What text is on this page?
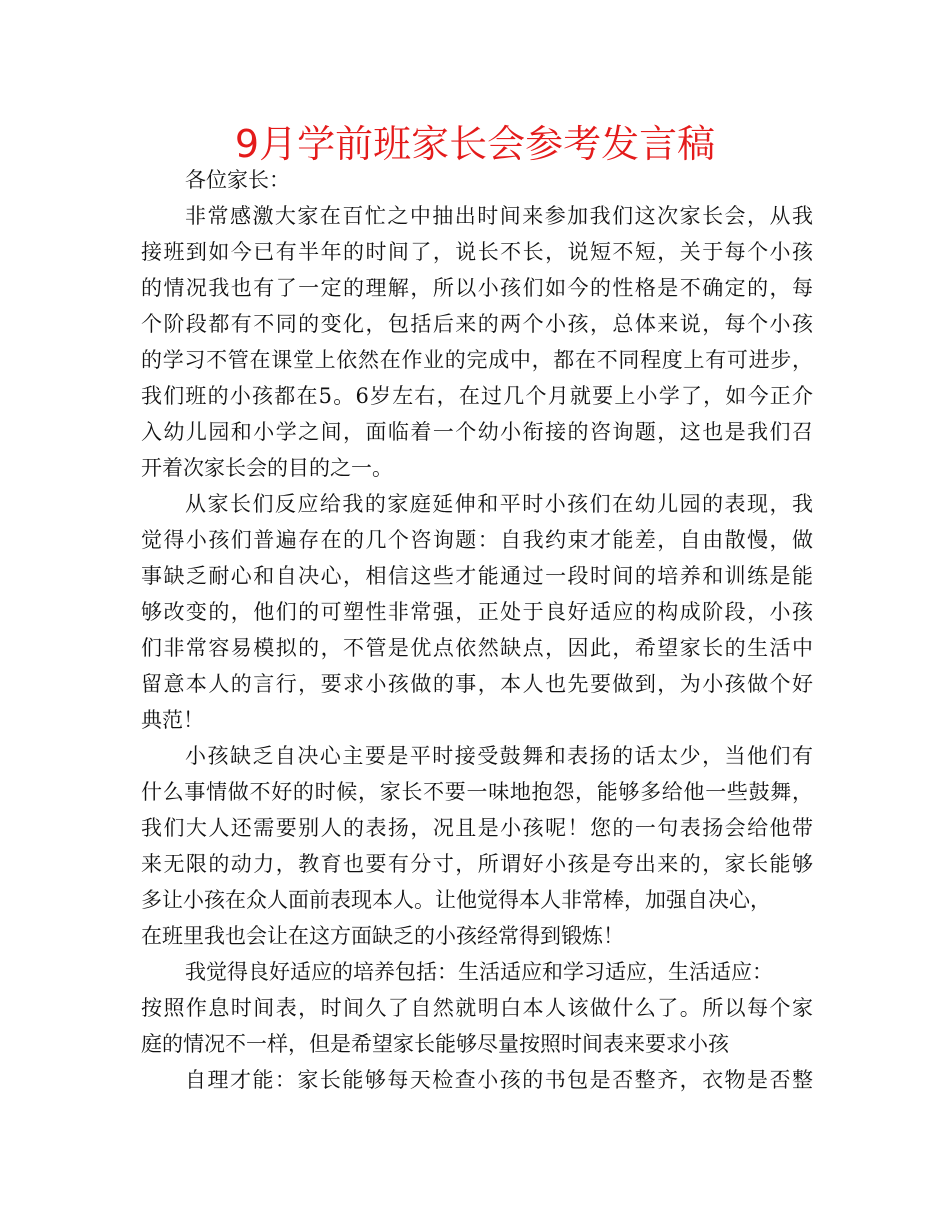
9月学前班家长会参考发言稿
各位家长：
非常感激大家在百忙之中抽出时间来参加我们这次家长会，从我
接班到如今已有半年的时间了，说长不长，说短不短，关于每个小孩
的情况我也有了一定的理解，所以小孩们如今的性格是不确定的，每
个阶段都有不同的变化，包括后来的两个小孩，总体来说，每个小孩
的学习不管在课堂上依然在作业的完成中，都在不同程度上有可进步，
我们班的小孩都在5。6岁左右，在过几个月就要上小学了，如今正介
入幼儿园和小学之间，面临着一个幼小衔接的咨询题，这也是我们召
开着次家长会的目的之一。
从家长们反应给我的家庭延伸和平时小孩们在幼儿园的表现，我
觉得小孩们普遍存在的几个咨询题：自我约束才能差，自由散慢，做
事缺乏耐心和自决心，相信这些才能通过一段时间的培养和训练是能
够改变的，他们的可塑性非常强，正处于良好适应的构成阶段，小孩
们非常容易模拟的，不管是优点依然缺点，因此，希望家长的生活中
留意本人的言行，要求小孩做的事，本人也先要做到，为小孩做个好
典范！
小孩缺乏自决心主要是平时接受鼓舞和表扬的话太少，当他们有
什么事情做不好的时候，家长不要一味地抱怨，能够多给他一些鼓舞，
我们大人还需要别人的表扬，况且是小孩呢！您的一句表扬会给他带
来无限的动力，教育也要有分寸，所谓好小孩是夸出来的，家长能够
多让小孩在众人面前表现本人。让他觉得本人非常棒，加强自决心，
在班里我也会让在这方面缺乏的小孩经常得到锻炼！
我觉得良好适应的培养包括：生活适应和学习适应，生活适应：
按照作息时间表，时间久了自然就明白本人该做什么了。所以每个家
庭的情况不一样，但是希望家长能够尽量按照时间表来要求小孩
自理才能：家长能够每天检查小孩的书包是否整齐，衣物是否整
